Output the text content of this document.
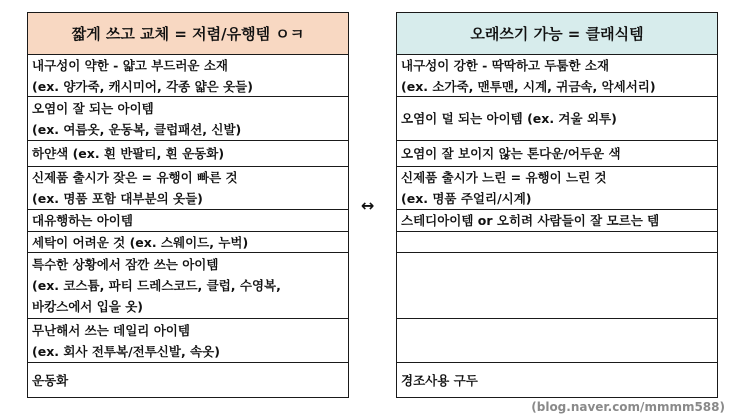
짧게 쓰고 교체 = 저렴/유행템 ㅇㅋ
내구성이 약한 - 얇고 부드러운 소재
(ex. 양가죽, 캐시미어, 각종 얇은 옷들)
오염이 잘 되는 아이템
(ex. 여름옷, 운동복, 클럽패션, 신발)
하얀색 (ex. 흰 반팔티, 흰 운동화)
신제품 출시가 잦은 = 유행이 빠른 것
(ex. 명품 포함 대부분의 옷들)
대유행하는 아이템
세탁이 어려운 것 (ex. 스웨이드, 누벅)
특수한 상황에서 잠깐 쓰는 아이템
(ex. 코스튬, 파티 드레스코드, 클럽, 수영복,
바캉스에서 입을 옷)
무난해서 쓰는 데일리 아이템
(ex. 회사 전투복/전투신발, 속옷)
운동화
↔
오래쓰기 가능 = 클래식템
내구성이 강한 - 딱딱하고 두툼한 소재
(ex. 소가죽, 맨투맨, 시계, 귀금속, 악세서리)
오염이 덜 되는 아이템 (ex. 겨울 외투)
오염이 잘 보이지 않는 톤다운/어두운 색
신제품 출시가 느린 = 유행이 느린 것
(ex. 명품 주얼리/시계)
스테디아이템 or 오히려 사람들이 잘 모르는 템
경조사용 구두
(blog.naver.com/mmmm588)
